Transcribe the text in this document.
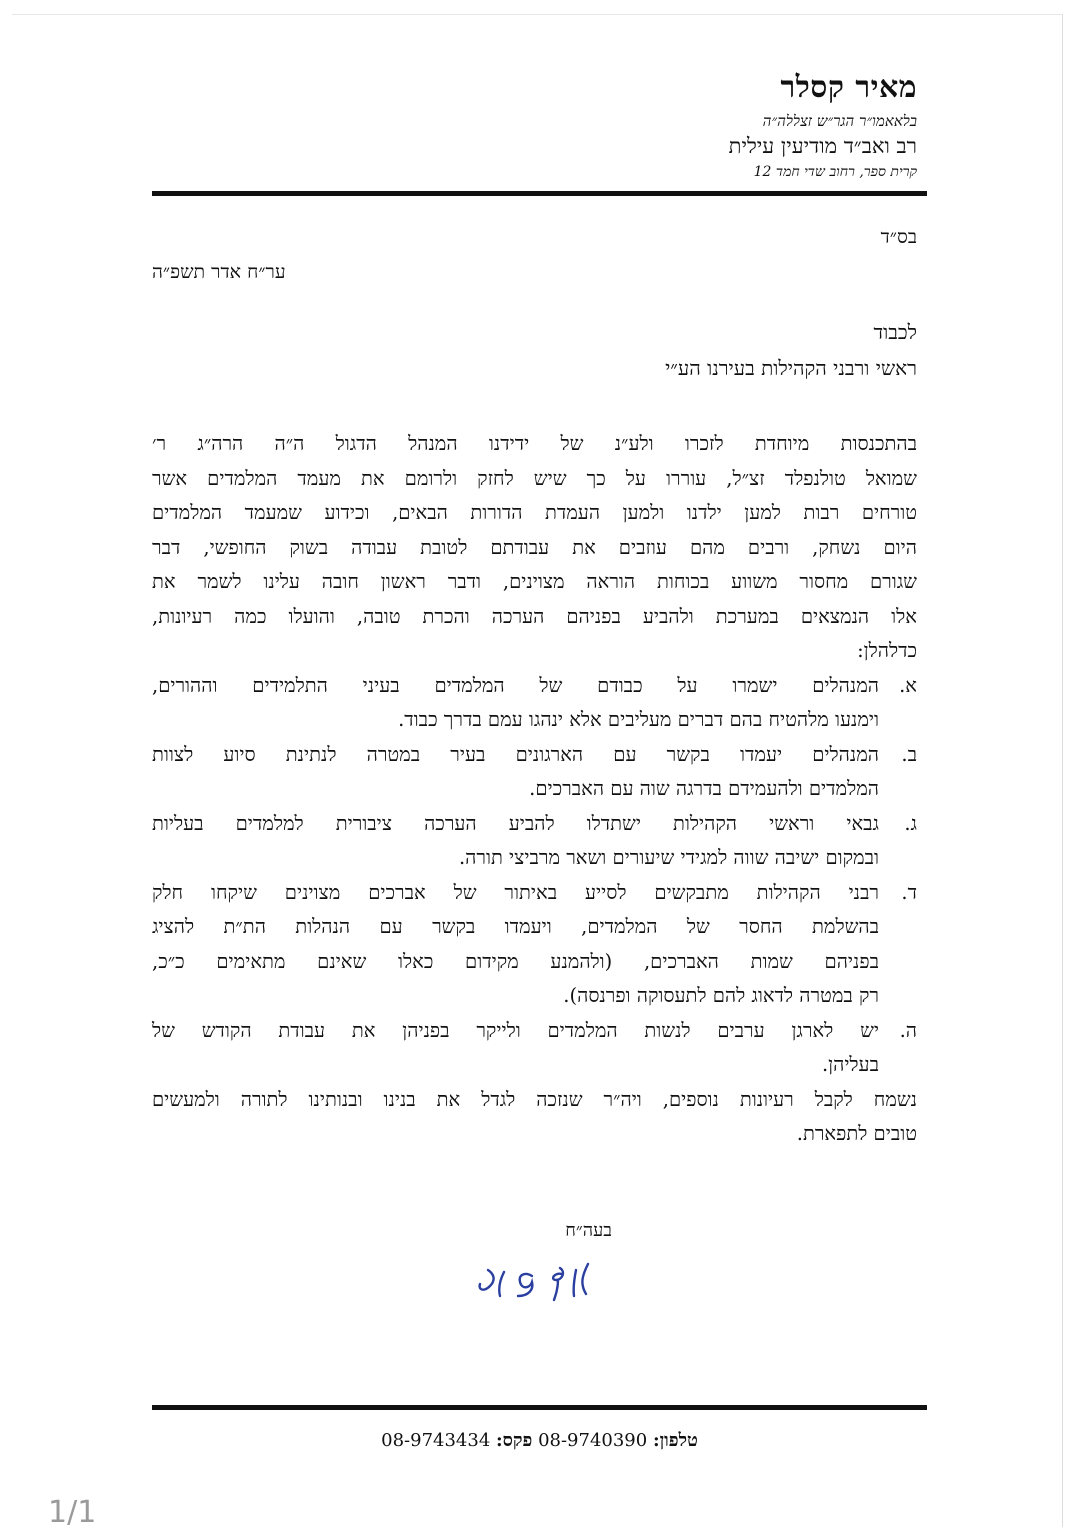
מאיר קסלר
בלאאמו״ר הגר״ש זצללה״ה
רב ואב״ד מודיעין עילית
קרית ספר, רחוב שדי חמד 12
בס״ד
ער״ח אדר תשפ״ה
לכבוד
ראשי ורבני הקהילות בעירנו הע״י
בהתכנסות מיוחדת לזכרו ולע״נ של ידידנו המנהל הדגול ה״ה הרה״ג ר׳
שמואל טולנפלד זצ״ל, עוררו על כך שיש לחזק ולרומם את מעמד המלמדים אשר
טורחים רבות למען ילדנו ולמען העמדת הדורות הבאים, וכידוע שמעמד המלמדים
היום נשחק, ורבים מהם עוזבים את עבודתם לטובת עבודה בשוק החופשי, דבר
שגורם מחסור משווע בכוחות הוראה מצוינים, ודבר ראשון חובה עלינו לשמר את
אלו הנמצאים במערכת ולהביע בפניהם הערכה והכרת טובה, והועלו כמה רעיונות,
כדלהלן:
א.
המנהלים ישמרו על כבודם של המלמדים בעיני התלמידים וההורים,
וימנעו מלהטיח בהם דברים מעליבים אלא ינהגו עמם בדרך כבוד.
ב.
המנהלים יעמדו בקשר עם הארגונים בעיר במטרה לנתינת סיוע לצוות
המלמדים ולהעמידם בדרגה שוה עם האברכים.
ג.
גבאי וראשי הקהילות ישתדלו להביע הערכה ציבורית למלמדים בעליות
ובמקום ישיבה שווה למגידי שיעורים ושאר מרביצי תורה.
ד.
רבני הקהילות מתבקשים לסייע באיתור של אברכים מצוינים שיקחו חלק
בהשלמת החסר של המלמדים, ויעמדו בקשר עם הנהלות הת״ת להציג
בפניהם שמות האברכים, (ולהמנע מקידום כאלו שאינם מתאימים כ״כ,
רק במטרה לדאוג להם לתעסוקה ופרנסה).
ה.
יש לארגן ערבים לנשות המלמדים ולייקר בפניהן את עבודת הקודש של
בעליהן.
נשמח לקבל רעיונות נוספים, ויה״ר שנזכה לגדל את בנינו ובנותינו לתורה ולמעשים
טובים לתפארת.
בעה״ח
טלפון: 08-9740390 פקס: 08-9743434
1/1
